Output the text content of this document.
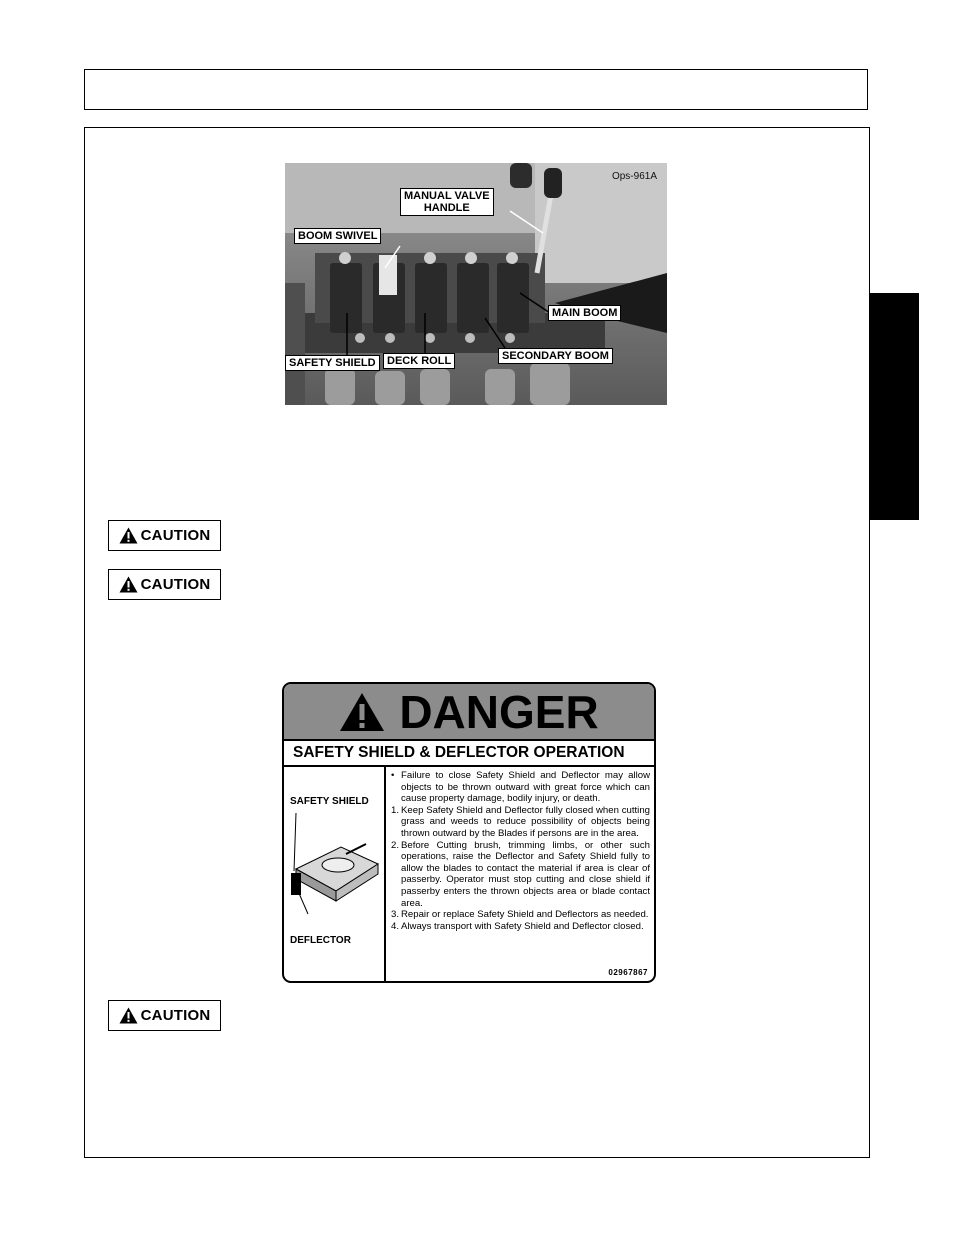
Ops-961A
MANUAL VALVE
HANDLE
BOOM SWIVEL
MAIN BOOM
SAFETY SHIELD	DECK ROLL	SECONDARY BOOM
CAUTION
CAUTION
CAUTION
DANGER
SAFETY SHIELD & DEFLECTOR OPERATION
SAFETY SHIELD
DEFLECTOR
• Failure to close Safety Shield and Deflector may allow objects to be thrown outward with great force which can cause property damage, bodily injury, or death.
1. Keep Safety Shield and Deflector fully closed when cutting grass and weeds to reduce possibility of objects being thrown outward by the Blades if persons are in the area.
2. Before Cutting brush, trimming limbs, or other such operations, raise the Deflector and Safety Shield fully to allow the blades to contact the material if area is clear of passerby. Operator must stop cutting and close shield if passerby enters the thrown objects area or blade contact area.
3. Repair or replace Safety Shield and Deflectors as needed.
4. Always transport with Safety Shield and Deflector closed.
02967867
